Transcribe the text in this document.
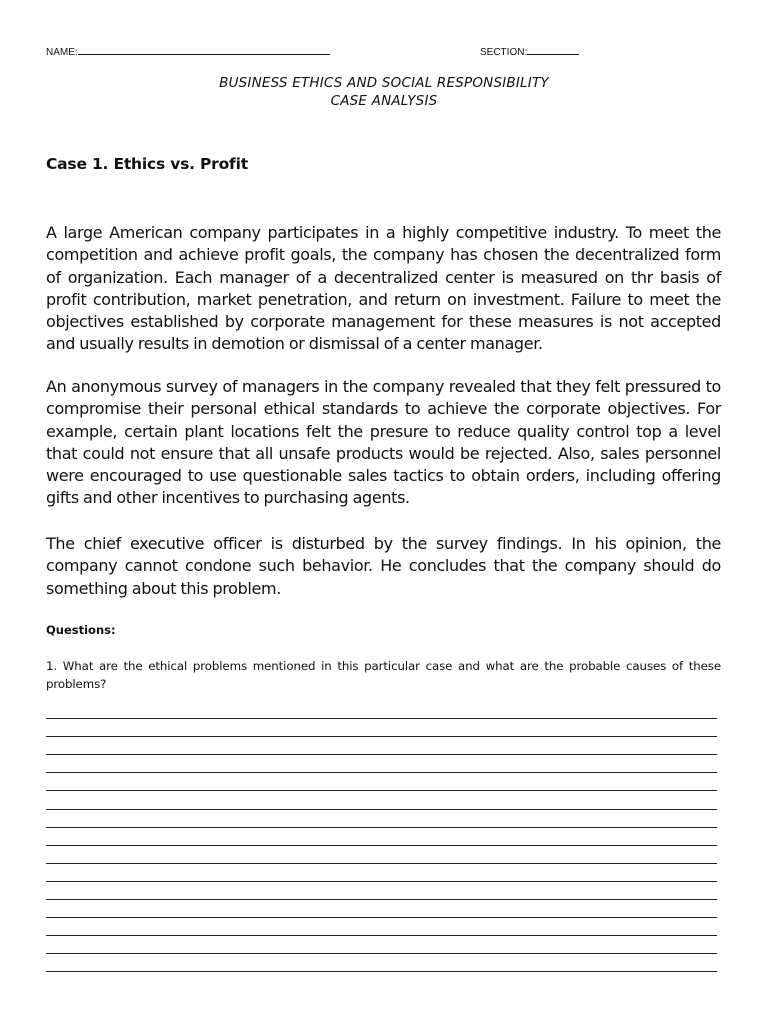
NAME:	SECTION:
BUSINESS ETHICS AND SOCIAL RESPONSIBILITY
CASE ANALYSIS
Case 1. Ethics vs. Profit
A large American company participates in a highly competitive industry. To meet the competition and achieve profit goals, the company has chosen the decentralized form of organization. Each manager of a decentralized center is measured on thr basis of profit contribution, market penetration, and return on investment. Failure to meet the objectives established by corporate management for these measures is not accepted and usually results in demotion or dismissal of a center manager.
An anonymous survey of managers in the company revealed that they felt pressured to compromise their personal ethical standards to achieve the corporate objectives. For example, certain plant locations felt the presure to reduce quality control top a level that could not ensure that all unsafe products would be rejected. Also, sales personnel were encouraged to use questionable sales tactics to obtain orders, including offering gifts and other incentives to purchasing agents.
The chief executive officer is disturbed by the survey findings. In his opinion, the company cannot condone such behavior. He concludes that the company should do something about this problem.
Questions:
1. What are the ethical problems mentioned in this particular case and what are the probable causes of these problems?
